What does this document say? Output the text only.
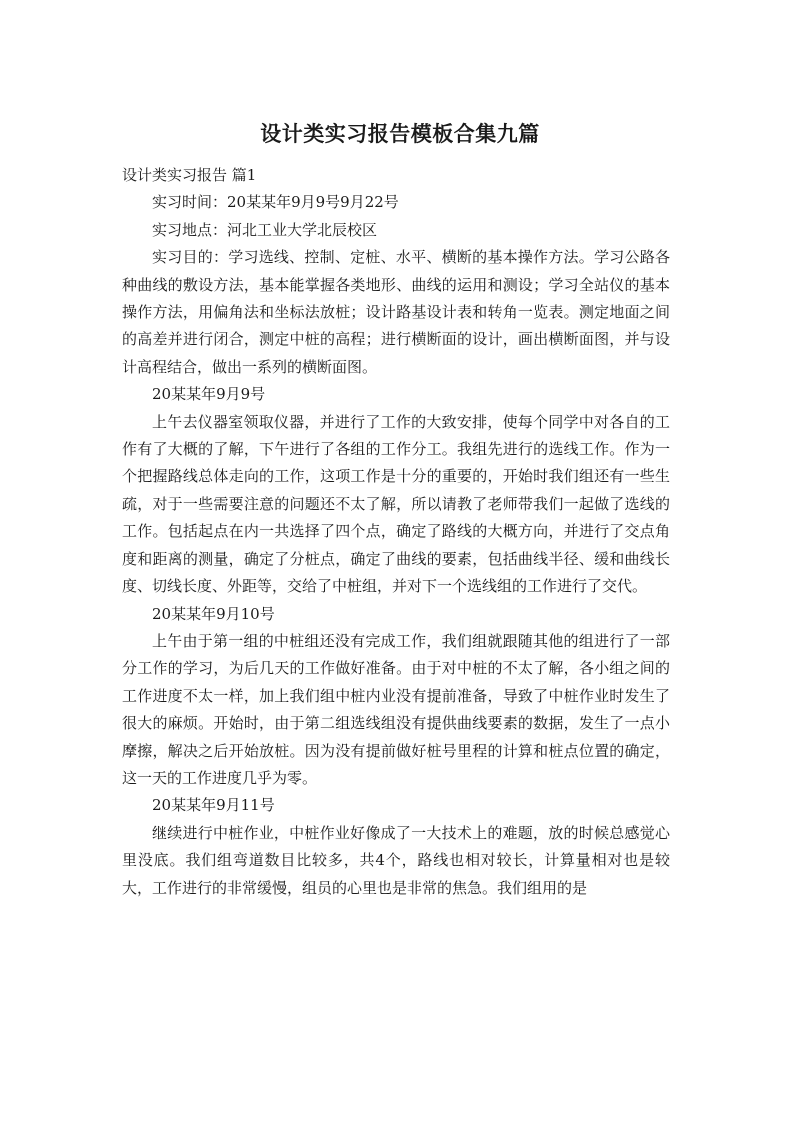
设计类实习报告模板合集九篇

设计类实习报告 篇1

实习时间：20某某年9月9号9月22号

实习地点：河北工业大学北辰校区

实习目的：学习选线、控制、定桩、水平、横断的基本操作方法。学习公路各种曲线的敷设方法，基本能掌握各类地形、曲线的运用和测设；学习全站仪的基本操作方法，用偏角法和坐标法放桩；设计路基设计表和转角一览表。测定地面之间的高差并进行闭合，测定中桩的高程；进行横断面的设计，画出横断面图，并与设计高程结合，做出一系列的横断面图。

20某某年9月9号

上午去仪器室领取仪器，并进行了工作的大致安排，使每个同学中对各自的工作有了大概的了解，下午进行了各组的工作分工。我组先进行的选线工作。作为一个把握路线总体走向的工作，这项工作是十分的重要的，开始时我们组还有一些生疏，对于一些需要注意的问题还不太了解，所以请教了老师带我们一起做了选线的工作。包括起点在内一共选择了四个点，确定了路线的大概方向，并进行了交点角度和距离的测量，确定了分桩点，确定了曲线的要素，包括曲线半径、缓和曲线长度、切线长度、外距等，交给了中桩组，并对下一个选线组的工作进行了交代。

20某某年9月10号

上午由于第一组的中桩组还没有完成工作，我们组就跟随其他的组进行了一部分工作的学习，为后几天的工作做好准备。由于对中桩的不太了解，各小组之间的工作进度不太一样，加上我们组中桩内业没有提前准备，导致了中桩作业时发生了很大的麻烦。开始时，由于第二组选线组没有提供曲线要素的数据，发生了一点小摩擦，解决之后开始放桩。因为没有提前做好桩号里程的计算和桩点位置的确定，这一天的工作进度几乎为零。

20某某年9月11号

继续进行中桩作业，中桩作业好像成了一大技术上的难题，放的时候总感觉心里没底。我们组弯道数目比较多，共4个，路线也相对较长，计算量相对也是较大，工作进行的非常缓慢，组员的心里也是非常的焦急。我们组用的是
